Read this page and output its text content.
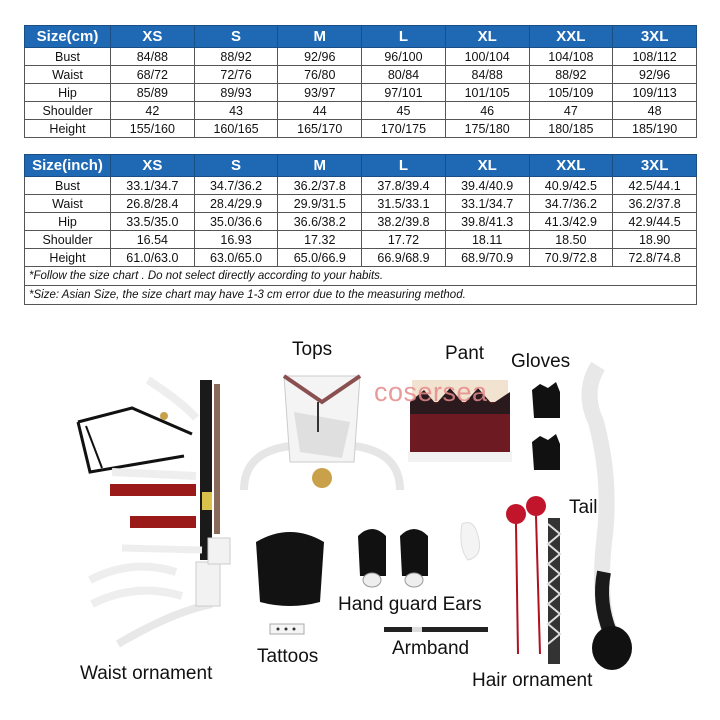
Size(cm)	XS	S	M	L	XL	XXL	3XL
Bust	84/88	88/92	92/96	96/100	100/104	104/108	108/112
Waist	68/72	72/76	76/80	80/84	84/88	88/92	92/96
Hip	85/89	89/93	93/97	97/101	101/105	105/109	109/113
Shoulder	42	43	44	45	46	47	48
Height	155/160	160/165	165/170	170/175	175/180	180/185	185/190
Size(inch)	XS	S	M	L	XL	XXL	3XL
Bust	33.1/34.7	34.7/36.2	36.2/37.8	37.8/39.4	39.4/40.9	40.9/42.5	42.5/44.1
Waist	26.8/28.4	28.4/29.9	29.9/31.5	31.5/33.1	33.1/34.7	34.7/36.2	36.2/37.8
Hip	33.5/35.0	35.0/36.6	36.6/38.2	38.2/39.8	39.8/41.3	41.3/42.9	42.9/44.5
Shoulder	16.54	16.93	17.32	17.72	18.11	18.50	18.90
Height	61.0/63.0	63.0/65.0	65.0/66.9	66.9/68.9	68.9/70.9	70.9/72.8	72.8/74.8
*Follow the size chart . Do not select directly according to your habits.							
*Size: Asian Size, the size chart may have 1-3 cm error due to the measuring method.							
Waist ornament
Tops	Pant
cosersea
Gloves
Tail
Hair ornament
Tattoos
Hand guard Ears
Armband
